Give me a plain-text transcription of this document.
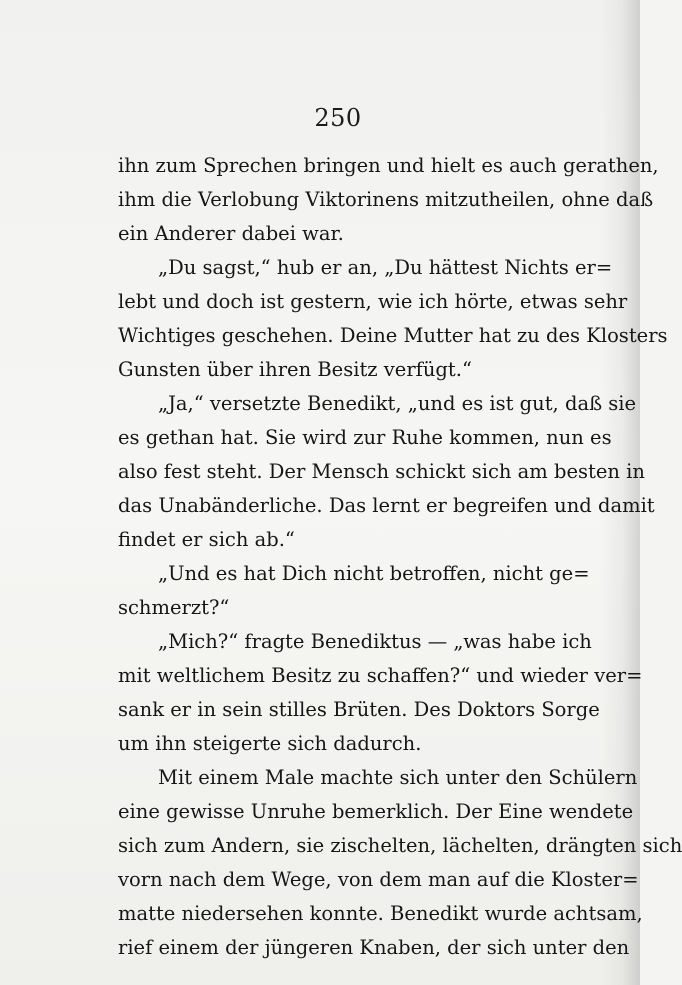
250
ihn zum Sprechen bringen und hielt es auch gerathen,
ihm die Verlobung Viktorinens mitzutheilen, ohne daß
ein Anderer dabei war.
„Du sagst,“ hub er an, „Du hättest Nichts er=
lebt und doch ist gestern, wie ich hörte, etwas sehr
Wichtiges geschehen. Deine Mutter hat zu des Klosters
Gunsten über ihren Besitz verfügt.“
„Ja,“ versetzte Benedikt, „und es ist gut, daß sie
es gethan hat. Sie wird zur Ruhe kommen, nun es
also fest steht. Der Mensch schickt sich am besten in
das Unabänderliche. Das lernt er begreifen und damit
findet er sich ab.“
„Und es hat Dich nicht betroffen, nicht ge=
schmerzt?“
„Mich?“ fragte Benediktus — „was habe ich
mit weltlichem Besitz zu schaffen?“ und wieder ver=
sank er in sein stilles Brüten. Des Doktors Sorge
um ihn steigerte sich dadurch.
Mit einem Male machte sich unter den Schülern
eine gewisse Unruhe bemerklich. Der Eine wendete
sich zum Andern, sie zischelten, lächelten, drängten sich
vorn nach dem Wege, von dem man auf die Kloster=
matte niedersehen konnte. Benedikt wurde achtsam,
rief einem der jüngeren Knaben, der sich unter den
